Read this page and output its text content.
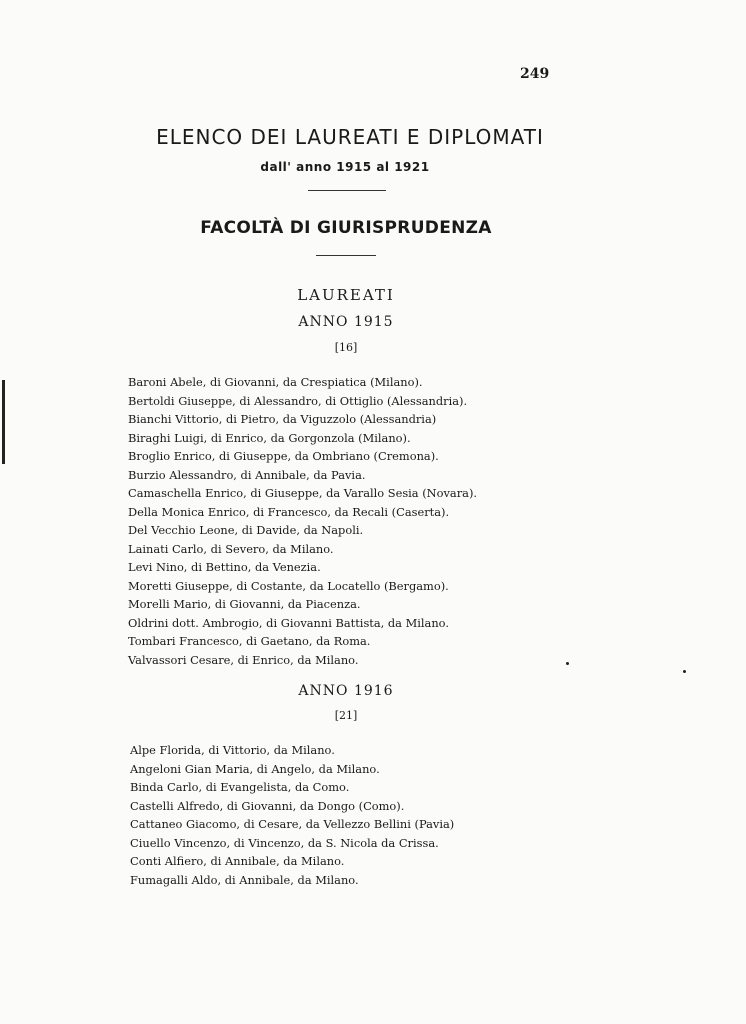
249
ELENCO DEI LAUREATI E DIPLOMATI
dall' anno 1915 al 1921
FACOLTÀ DI GIURISPRUDENZA
LAUREATI
ANNO 1915
[16]
Baroni Abele, di Giovanni, da Crespiatica (Milano).
Bertoldi Giuseppe, di Alessandro, di Ottiglio (Alessandria).
Bianchi Vittorio, di Pietro, da Viguzzolo (Alessandria)
Biraghi Luigi, di Enrico, da Gorgonzola (Milano).
Broglio Enrico, di Giuseppe, da Ombriano (Cremona).
Burzio Alessandro, di Annibale, da Pavia.
Camaschella Enrico, di Giuseppe, da Varallo Sesia (Novara).
Della Monica Enrico, di Francesco, da Recali (Caserta).
Del Vecchio Leone, di Davide, da Napoli.
Lainati Carlo, di Severo, da Milano.
Levi Nino, di Bettino, da Venezia.
Moretti Giuseppe, di Costante, da Locatello (Bergamo).
Morelli Mario, di Giovanni, da Piacenza.
Oldrini dott. Ambrogio, di Giovanni Battista, da Milano.
Tombari Francesco, di Gaetano, da Roma.
Valvassori Cesare, di Enrico, da Milano.
ANNO 1916
[21]
Alpe Florida, di Vittorio, da Milano.
Angeloni Gian Maria, di Angelo, da Milano.
Binda Carlo, di Evangelista, da Como.
Castelli Alfredo, di Giovanni, da Dongo (Como).
Cattaneo Giacomo, di Cesare, da Vellezzo Bellini (Pavia)
Ciuello Vincenzo, di Vincenzo, da S. Nicola da Crissa.
Conti Alfiero, di Annibale, da Milano.
Fumagalli Aldo, di Annibale, da Milano.
